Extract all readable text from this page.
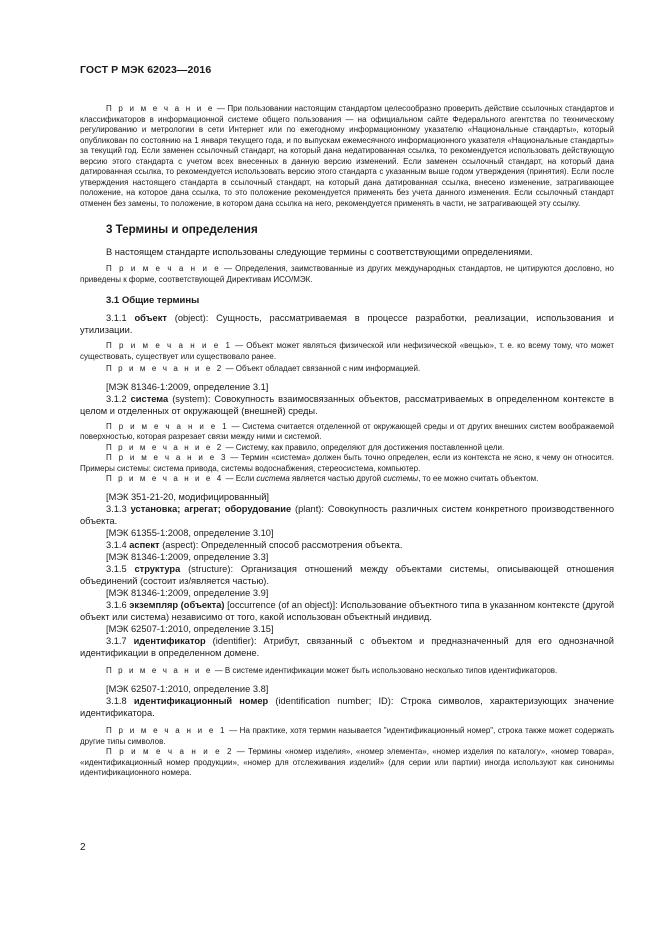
ГОСТ Р МЭК 62023—2016

П р и м е ч а н и е — При пользовании настоящим стандартом целесообразно проверить действие ссылочных стандартов и классификаторов в информационной системе общего пользования — на официальном сайте Федерального агентства по техническому регулированию и метрологии в сети Интернет или по ежегодному информационному указателю «Национальные стандарты», который опубликован по состоянию на 1 января текущего года, и по выпускам ежемесячного информационного указателя «Национальные стандарты» за текущий год. Если заменен ссылочный стандарт, на который дана недатированная ссылка, то рекомендуется использовать действующую версию этого стандарта с учетом всех внесенных в данную версию изменений. Если заменен ссылочный стандарт, на который дана датированная ссылка, то рекомендуется использовать версию этого стандарта с указанным выше годом утверждения (принятия). Если после утверждения настоящего стандарта в ссылочный стандарт, на который дана датированная ссылка, внесено изменение, затрагивающее положение, на которое дана ссылка, то это положение рекомендуется применять без учета данного изменения. Если ссылочный стандарт отменен без замены, то положение, в котором дана ссылка на него, рекомендуется применять в части, не затрагивающей эту ссылку.

3 Термины и определения

В настоящем стандарте использованы следующие термины с соответствующими определениями.

П р и м е ч а н и е — Определения, заимствованные из других международных стандартов, не цитируются дословно, но приведены к форме, соответствующей Директивам ИСО/МЭК.

3.1 Общие термины

3.1.1 объект (object): Сущность, рассматриваемая в процессе разработки, реализации, использования и утилизации.

П р и м е ч а н и е 1 — Объект может являться физической или нефизической «вещью», т. е. ко всему тому, что может существовать, существует или существовало ранее.

П р и м е ч а н и е 2 — Объект обладает связанной с ним информацией.

[МЭК 81346-1:2009, определение 3.1]

3.1.2 система (system): Совокупность взаимосвязанных объектов, рассматриваемых в определенном контексте в целом и отделенных от окружающей (внешней) среды.

П р и м е ч а н и е 1 — Система считается отделенной от окружающей среды и от других внешних систем воображаемой поверхностью, которая разрезает связи между ними и системой.

П р и м е ч а н и е 2 — Систему, как правило, определяют для достижения поставленной цели.

П р и м е ч а н и е 3 — Термин «система» должен быть точно определен, если из контекста не ясно, к чему он относится. Примеры системы: система привода, системы водоснабжения, стереосистема, компьютер.

П р и м е ч а н и е 4 — Если система является частью другой системы, то ее можно считать объектом.

[МЭК 351-21-20, модифицированный]

3.1.3 установка; агрегат; оборудование (plant): Совокупность различных систем конкретного производственного объекта.

[МЭК 61355-1:2008, определение 3.10]

3.1.4 аспект (aspect): Определенный способ рассмотрения объекта.

[МЭК 81346-1:2009, определение 3.3]

3.1.5 структура (structure): Организация отношений между объектами системы, описывающей отношения объединений (состоит из/является частью).

[МЭК 81346-1:2009, определение 3.9]

3.1.6 экземпляр (объекта) [occurrence (of an object)]: Использование объектного типа в указанном контексте (другой объект или система) независимо от того, какой использован объектный индивид.

[МЭК 62507-1:2010, определение 3.15]

3.1.7 идентификатор (identifier): Атрибут, связанный с объектом и предназначенный для его однозначной идентификации в определенном домене.

П р и м е ч а н и е — В системе идентификации может быть использовано несколько типов идентификаторов.

[МЭК 62507-1:2010, определение 3.8]

3.1.8 идентификационный номер (identification number; ID): Строка символов, характеризующих значение идентификатора.

П р и м е ч а н и е 1 — На практике, хотя термин называется "идентификационный номер", строка также может содержать другие типы символов.

П р и м е ч а н и е 2 — Термины «номер изделия», «номер элемента», «номер изделия по каталогу», «номер товара», «идентификационный номер продукции», «номер для отслеживания изделий» (для серии или партии) иногда используют как синонимы идентификационного номера.

2
